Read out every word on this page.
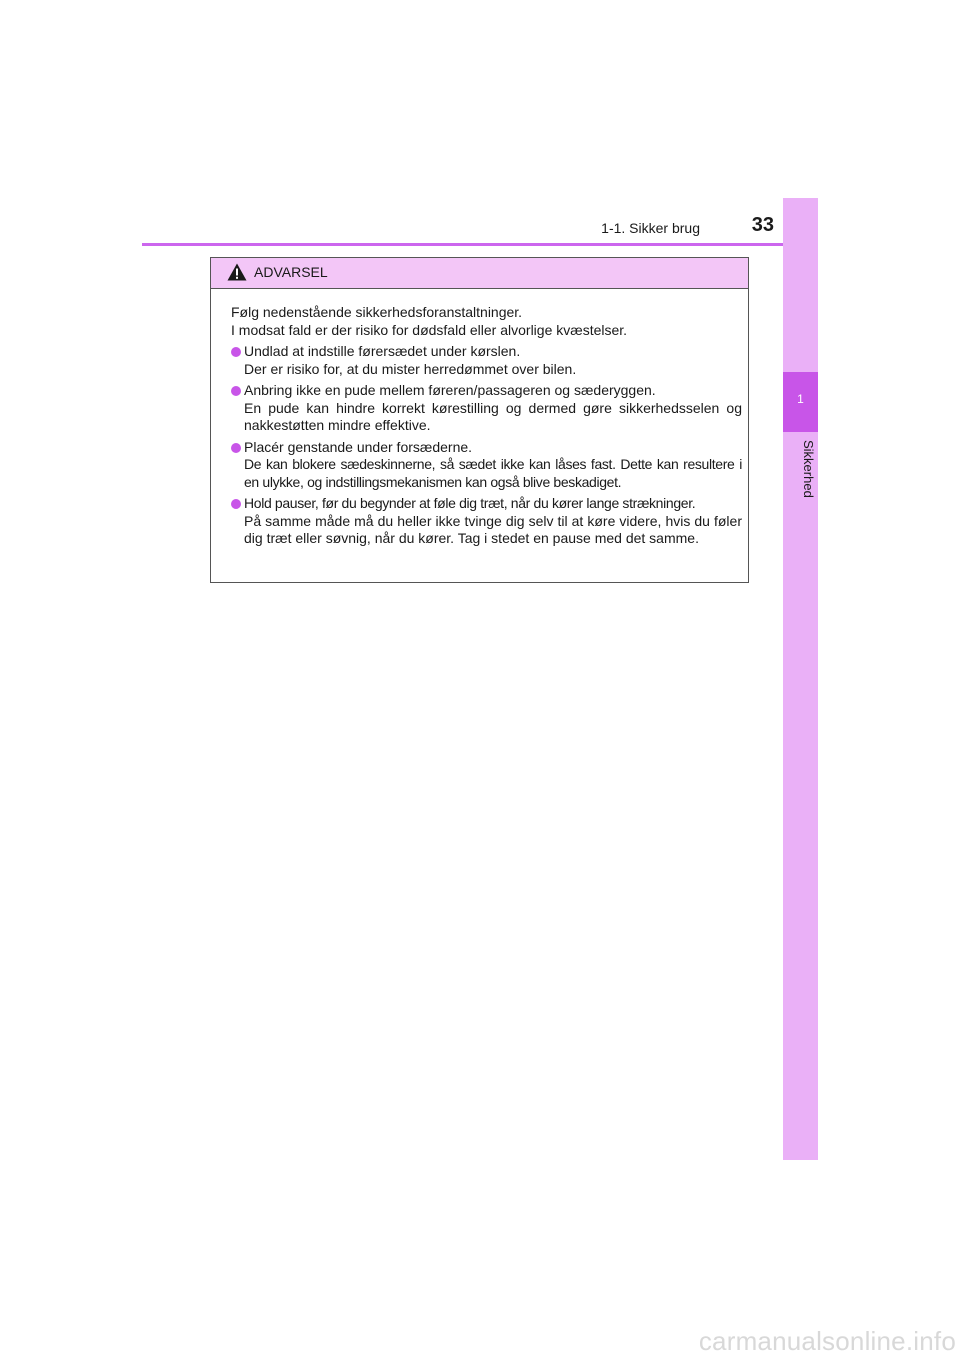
1-1. Sikker brug	33
1
Sikkerhed
ADVARSEL

Følg nedenstående sikkerhedsforanstaltninger.
I modsat fald er der risiko for dødsfald eller alvorlige kvæstelser.

Undlad at indstille førersædet under kørslen.
Der er risiko for, at du mister herredømmet over bilen.
Anbring ikke en pude mellem føreren/passageren og sæderyggen.
En pude kan hindre korrekt kørestilling og dermed gøre sikkerhedsselen og nakkestøtten mindre effektive.
Placér genstande under forsæderne.
De kan blokere sædeskinnerne, så sædet ikke kan låses fast. Dette kan resultere i en ulykke, og indstillingsmekanismen kan også blive beskadiget.
Hold pauser, før du begynder at føle dig træt, når du kører lange strækninger.
På samme måde må du heller ikke tvinge dig selv til at køre videre, hvis du føler dig træt eller søvnig, når du kører. Tag i stedet en pause med det samme.
carmanualsonline.info
